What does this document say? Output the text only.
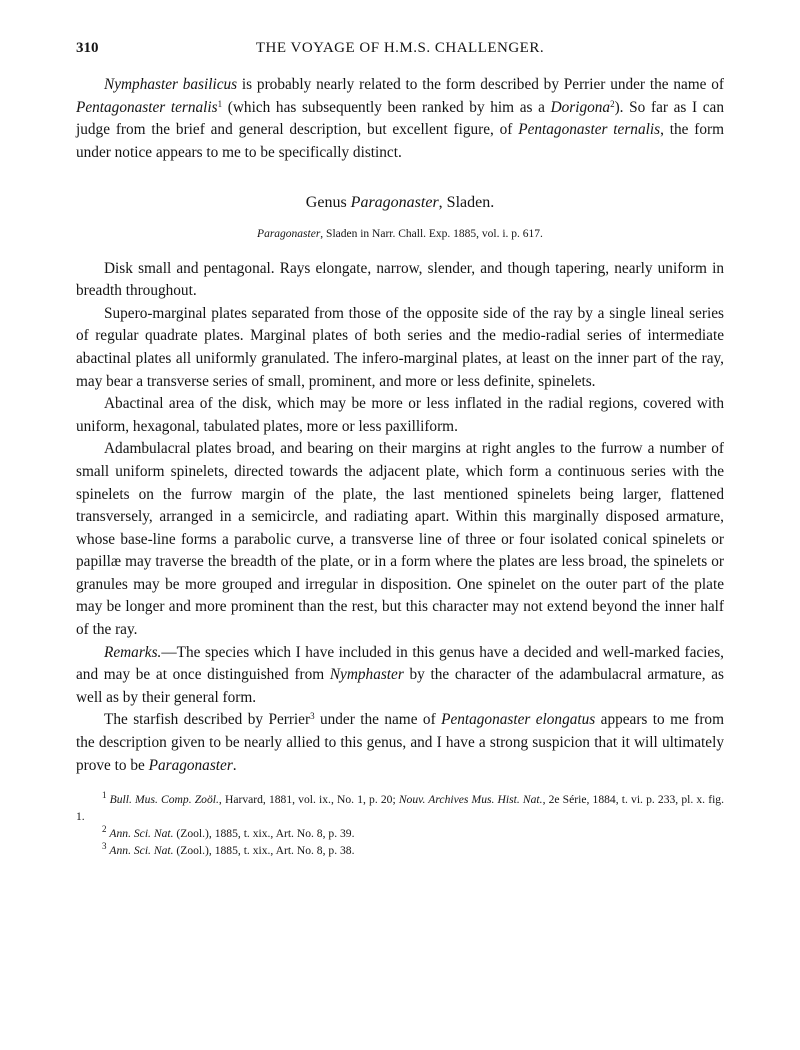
310	THE VOYAGE OF H.M.S. CHALLENGER.

Nymphaster basilicus is probably nearly related to the form described by Perrier under the name of Pentagonaster ternalis$^1$ (which has subsequently been ranked by him as a Dorigona$^2$). So far as I can judge from the brief and general description, but excellent figure, of Pentagonaster ternalis, the form under notice appears to me to be specifically distinct.

Genus Paragonaster, Sladen.

Paragonaster, Sladen in Narr. Chall. Exp. 1885, vol. i. p. 617.

Disk small and pentagonal. Rays elongate, narrow, slender, and though tapering, nearly uniform in breadth throughout.

Supero-marginal plates separated from those of the opposite side of the ray by a single lineal series of regular quadrate plates. Marginal plates of both series and the medio-radial series of intermediate abactinal plates all uniformly granulated. The infero-marginal plates, at least on the inner part of the ray, may bear a transverse series of small, prominent, and more or less definite, spinelets.

Abactinal area of the disk, which may be more or less inflated in the radial regions, covered with uniform, hexagonal, tabulated plates, more or less paxilliform.

Adambulacral plates broad, and bearing on their margins at right angles to the furrow a number of small uniform spinelets, directed towards the adjacent plate, which form a continuous series with the spinelets on the furrow margin of the plate, the last mentioned spinelets being larger, flattened transversely, arranged in a semicircle, and radiating apart. Within this marginally disposed armature, whose base-line forms a parabolic curve, a transverse line of three or four isolated conical spinelets or papillæ may traverse the breadth of the plate, or in a form where the plates are less broad, the spinelets or granules may be more grouped and irregular in disposition. One spinelet on the outer part of the plate may be longer and more prominent than the rest, but this character may not extend beyond the inner half of the ray.

Remarks.—The species which I have included in this genus have a decided and well-marked facies, and may be at once distinguished from Nymphaster by the character of the adambulacral armature, as well as by their general form.

The starfish described by Perrier$^3$ under the name of Pentagonaster elongatus appears to me from the description given to be nearly allied to this genus, and I have a strong suspicion that it will ultimately prove to be Paragonaster.

$^1$ Bull. Mus. Comp. Zoöl., Harvard, 1881, vol. ix., No. 1, p. 20; Nouv. Archives Mus. Hist. Nat., 2e Série, 1884, t. vi. p. 233, pl. x. fig. 1.

$^2$ Ann. Sci. Nat. (Zool.), 1885, t. xix., Art. No. 8, p. 39.

$^3$ Ann. Sci. Nat. (Zool.), 1885, t. xix., Art. No. 8, p. 38.
